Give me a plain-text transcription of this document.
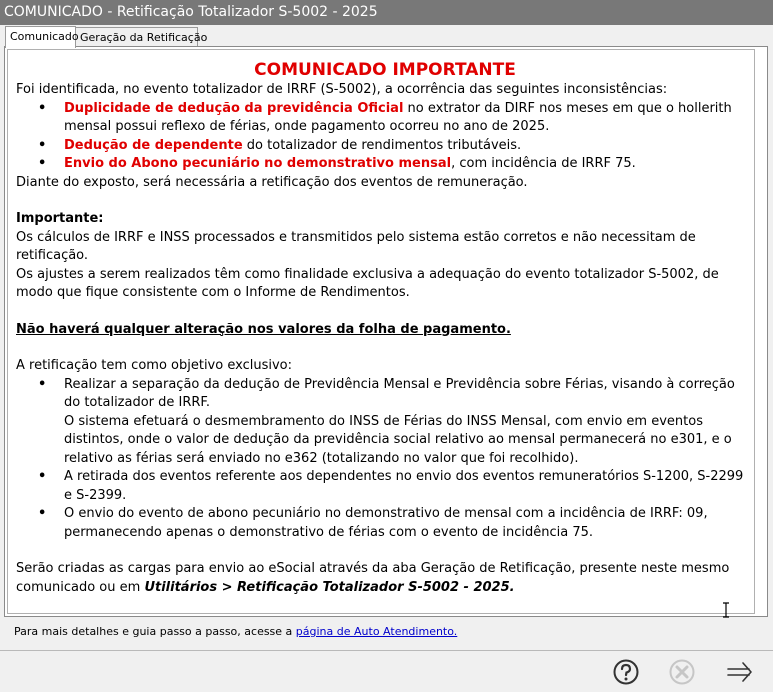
COMUNICADO - Retificação Totalizador S-5002 - 2025
Comunicado Geração da Retificação
COMUNICADO IMPORTANTE
Foi identificada, no evento totalizador de IRRF (S-5002), a ocorrência das seguintes inconsistências:
• Duplicidade de dedução da previdência Oficial no extrator da DIRF nos meses em que o hollerith mensal possui reflexo de férias, onde pagamento ocorreu no ano de 2025.
• Dedução de dependente do totalizador de rendimentos tributáveis.
• Envio do Abono pecuniário no demonstrativo mensal, com incidência de IRRF 75.
Diante do exposto, será necessária a retificação dos eventos de remuneração.
Importante:
Os cálculos de IRRF e INSS processados e transmitidos pelo sistema estão corretos e não necessitam de retificação.
Os ajustes a serem realizados têm como finalidade exclusiva a adequação do evento totalizador S-5002, de modo que fique consistente com o Informe de Rendimentos.
Não haverá qualquer alteração nos valores da folha de pagamento.
A retificação tem como objetivo exclusivo:
• Realizar a separação da dedução de Previdência Mensal e Previdência sobre Férias, visando à correção do totalizador de IRRF.
O sistema efetuará o desmembramento do INSS de Férias do INSS Mensal, com envio em eventos distintos, onde o valor de dedução da previdência social relativo ao mensal permanecerá no e301, e o relativo as férias será enviado no e362 (totalizando no valor que foi recolhido).
• A retirada dos eventos referente aos dependentes no envio dos eventos remuneratórios S-1200, S-2299 e S-2399.
• O envio do evento de abono pecuniário no demonstrativo de mensal com a incidência de IRRF: 09, permanecendo apenas o demonstrativo de férias com o evento de incidência 75.
Serão criadas as cargas para envio ao eSocial através da aba Geração de Retificação, presente neste mesmo comunicado ou em Utilitários > Retificação Totalizador S-5002 - 2025.
Para mais detalhes e guia passo a passo, acesse a página de Auto Atendimento.
